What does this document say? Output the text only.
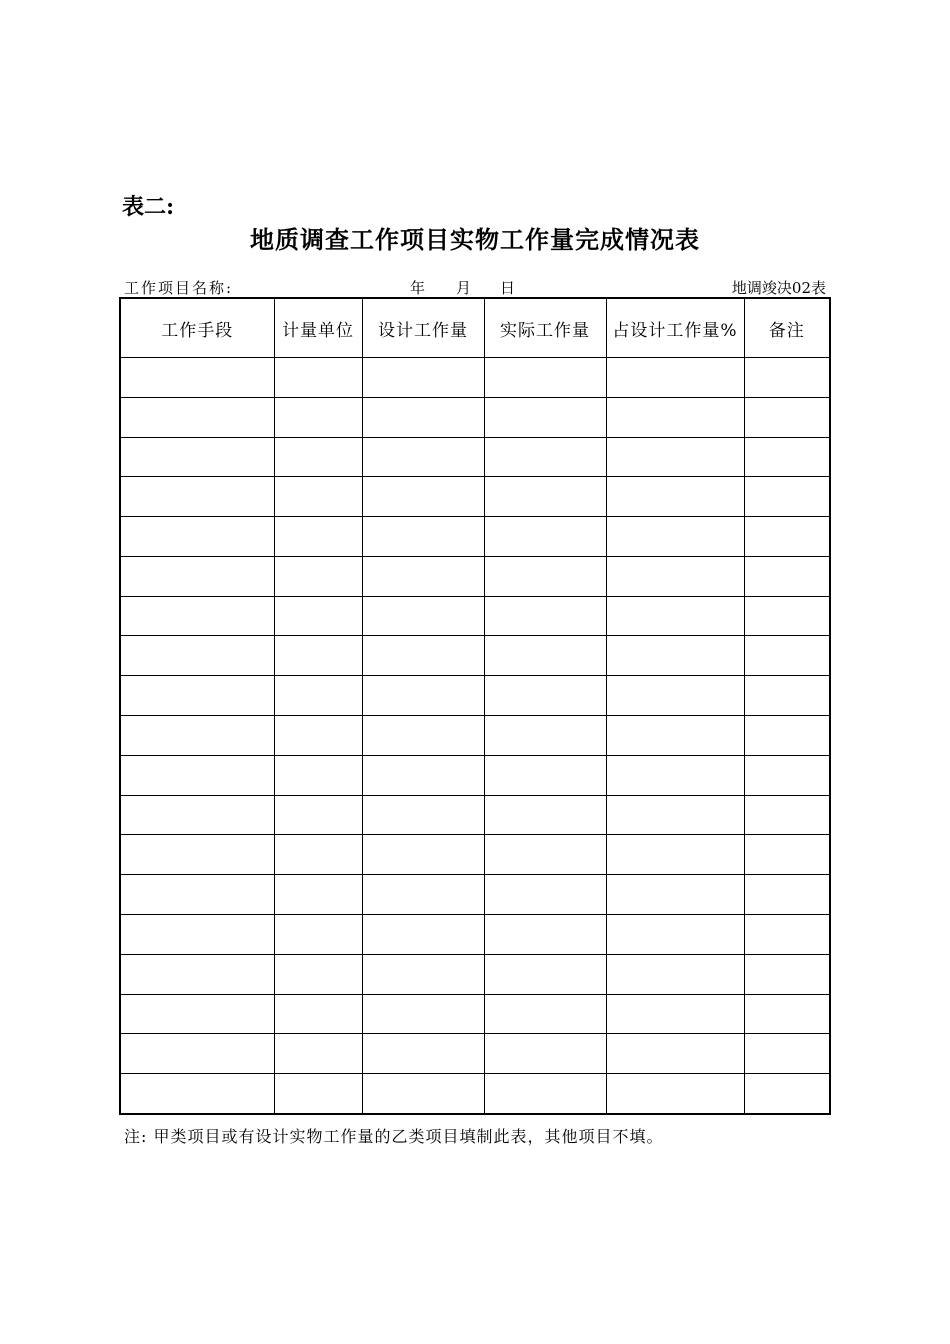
表二:
地质调查工作项目实物工作量完成情况表
工作项目名称:	年 月 日	地调竣决02表
工作手段	计量单位	设计工作量	实际工作量	占设计工作量%	备注

注: 甲类项目或有设计实物工作量的乙类项目填制此表，其他项目不填。
